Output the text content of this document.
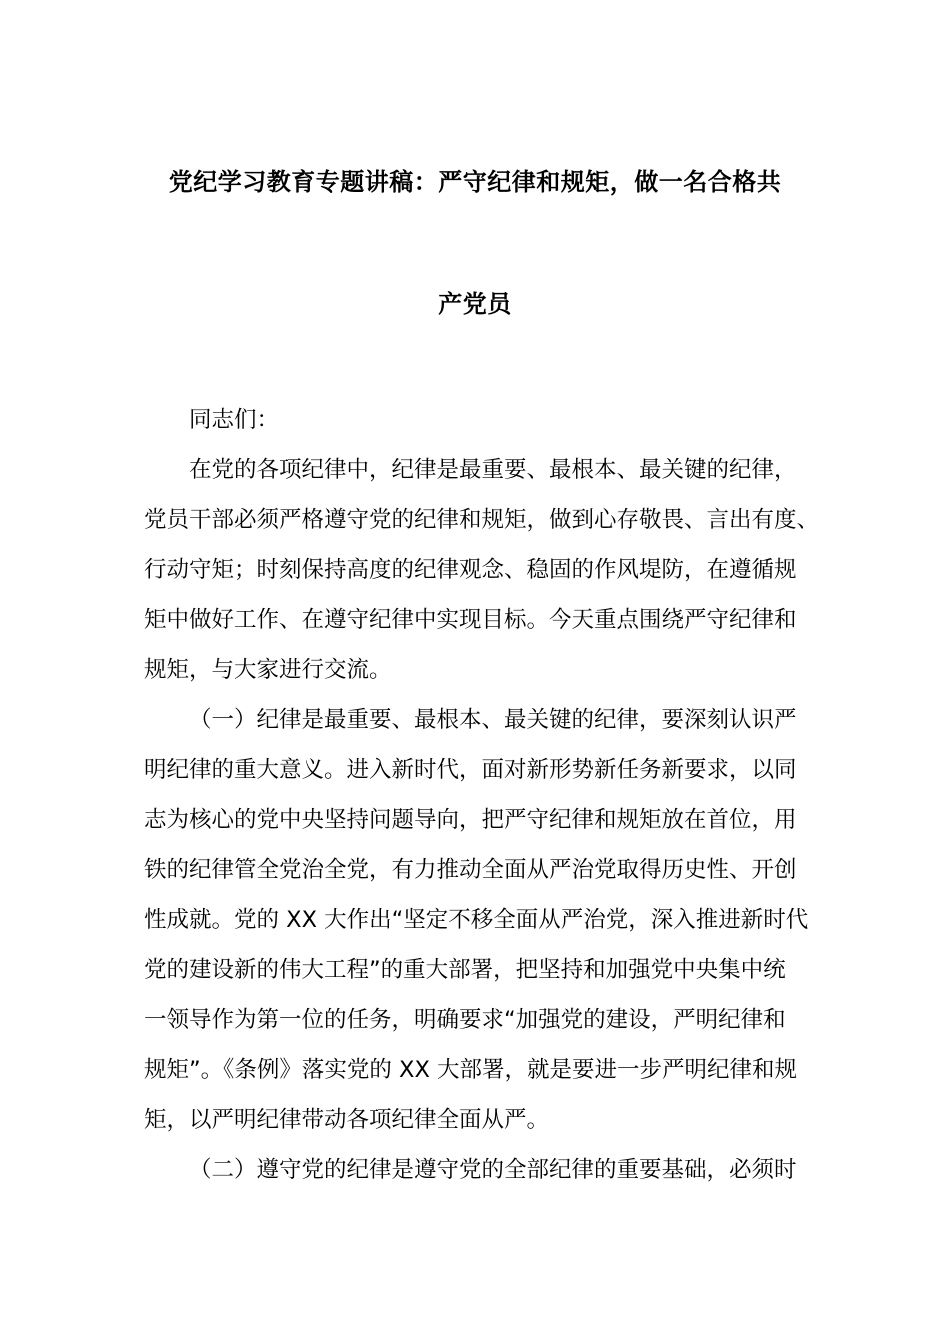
党纪学习教育专题讲稿：严守纪律和规矩，做一名合格共
产党员
同志们：
在党的各项纪律中，纪律是最重要、最根本、最关键的纪律，
党员干部必须严格遵守党的纪律和规矩，做到心存敬畏、言出有度、
行动守矩；时刻保持高度的纪律观念、稳固的作风堤防，在遵循规
矩中做好工作、在遵守纪律中实现目标。今天重点围绕严守纪律和
规矩，与大家进行交流。
（一）纪律是最重要、最根本、最关键的纪律，要深刻认识严
明纪律的重大意义。进入新时代，面对新形势新任务新要求，以同
志为核心的党中央坚持问题导向，把严守纪律和规矩放在首位，用
铁的纪律管全党治全党，有力推动全面从严治党取得历史性、开创
性成就。党的 XX 大作出“坚定不移全面从严治党，深入推进新时代
党的建设新的伟大工程”的重大部署，把坚持和加强党中央集中统
一领导作为第一位的任务，明确要求“加强党的建设，严明纪律和
规矩”。《条例》落实党的 XX 大部署，就是要进一步严明纪律和规
矩，以严明纪律带动各项纪律全面从严。
（二）遵守党的纪律是遵守党的全部纪律的重要基础，必须时
